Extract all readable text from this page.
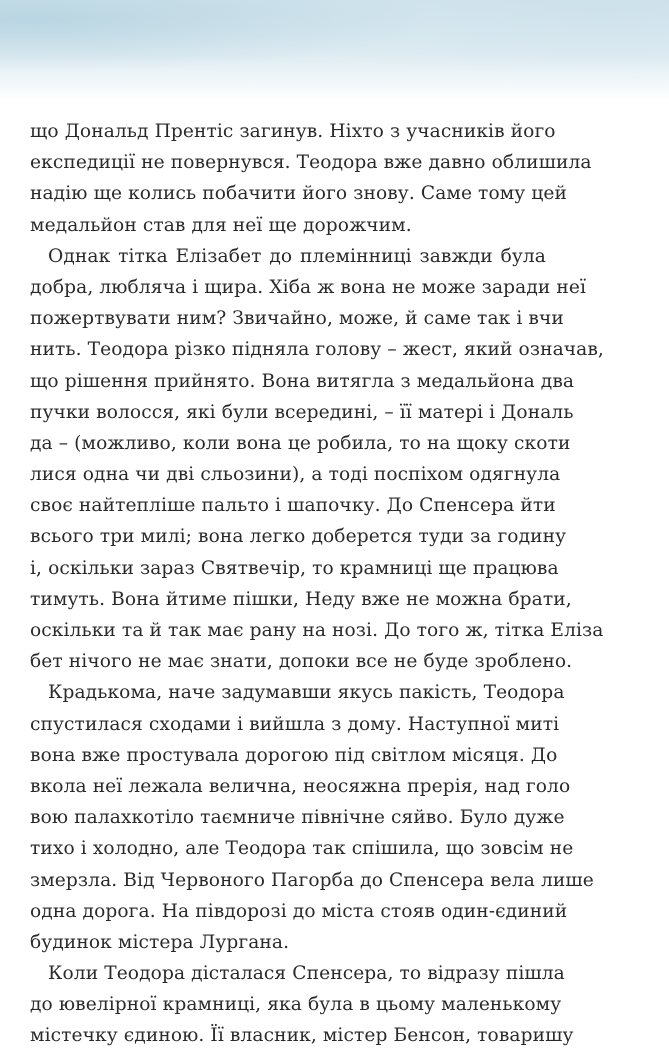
що Дональд Прентіс загинув. Ніхто з учасників його
експедиції не повернувся. Теодора вже давно облишила
надію ще колись побачити його знову. Саме тому цей
медальйон став для неї ще дорожчим.
Однак тітка Елізабет до племінниці завжди була
добра, любляча і щира. Хіба ж вона не може заради неї
пожертвувати ним? Звичайно, може, й саме так і вчи
нить. Теодора різко підняла голову – жест, який означав,
що рішення прийнято. Вона витягла з медальйона два
пучки волосся, які були всередині, – її матері і Дональ
да – (можливо, коли вона це робила, то на щоку скоти
лися одна чи дві сльозини), а тоді поспіхом одягнула
своє найтепліше пальто і шапочку. До Спенсера йти
всього три милі; вона легко доберется туди за годину
і, оскільки зараз Святвечір, то крамниці ще працюва
тимуть. Вона йтиме пішки, Неду вже не можна брати,
оскільки та й так має рану на нозі. До того ж, тітка Еліза
бет нічого не має знати, допоки все не буде зроблено.
Крадькома, наче задумавши якусь пакість, Теодора
спустилася сходами і вийшла з дому. Наступної миті
вона вже простувала дорогою під світлом місяця. До
вкола неї лежала велична, неосяжна прерія, над голо
вою палахкотіло таємниче північне сяйво. Було дуже
тихо і холодно, але Теодора так спішила, що зовсім не
змерзла. Від Червоного Пагорба до Спенсера вела лише
одна дорога. На півдорозі до міста стояв один-єдиний
будинок містера Лургана.
Коли Теодора дісталася Спенсера, то відразу пішла
до ювелірної крамниці, яка була в цьому маленькому
містечку єдиною. Її власник, містер Бенсон, товаришу
